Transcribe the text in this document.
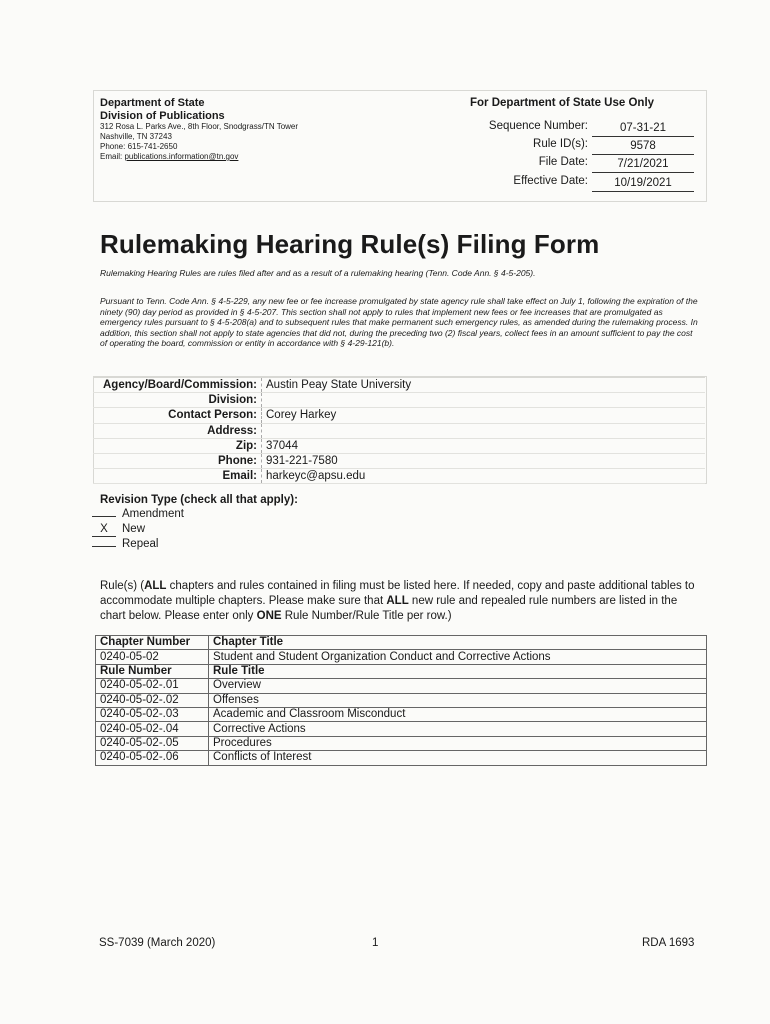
Department of State
Division of Publications
312 Rosa L. Parks Ave., 8th Floor, Snodgrass/TN Tower
Nashville, TN 37243
Phone: 615-741-2650
Email: publications.information@tn.gov
For Department of State Use Only
Sequence Number:	07-31-21
Rule ID(s):	9578
File Date:	7/21/2021
Effective Date:	10/19/2021
Rulemaking Hearing Rule(s) Filing Form
Rulemaking Hearing Rules are rules filed after and as a result of a rulemaking hearing (Tenn. Code Ann. § 4-5-205).
Pursuant to Tenn. Code Ann. § 4-5-229, any new fee or fee increase promulgated by state agency rule shall take effect on July 1, following the expiration of the ninety (90) day period as provided in § 4-5-207. This section shall not apply to rules that implement new fees or fee increases that are promulgated as emergency rules pursuant to § 4-5-208(a) and to subsequent rules that make permanent such emergency rules, as amended during the rulemaking process. In addition, this section shall not apply to state agencies that did not, during the preceding two (2) fiscal years, collect fees in an amount sufficient to pay the cost of operating the board, commission or entity in accordance with § 4-29-121(b).
Agency/Board/Commission:	Austin Peay State University
Division:	
Contact Person:	Corey Harkey
Address:	
Zip:	37044
Phone:	931-221-7580
Email:	harkeyc@apsu.edu
Revision Type (check all that apply):
Amendment
X New
Repeal
Rule(s) (ALL chapters and rules contained in filing must be listed here. If needed, copy and paste additional tables to accommodate multiple chapters. Please make sure that ALL new rule and repealed rule numbers are listed in the chart below. Please enter only ONE Rule Number/Rule Title per row.)
Chapter Number	Chapter Title
0240-05-02	Student and Student Organization Conduct and Corrective Actions
Rule Number	Rule Title
0240-05-02-.01	Overview
0240-05-02-.02	Offenses
0240-05-02-.03	Academic and Classroom Misconduct
0240-05-02-.04	Corrective Actions
0240-05-02-.05	Procedures
0240-05-02-.06	Conflicts of Interest
SS-7039 (March 2020)	1	RDA 1693
